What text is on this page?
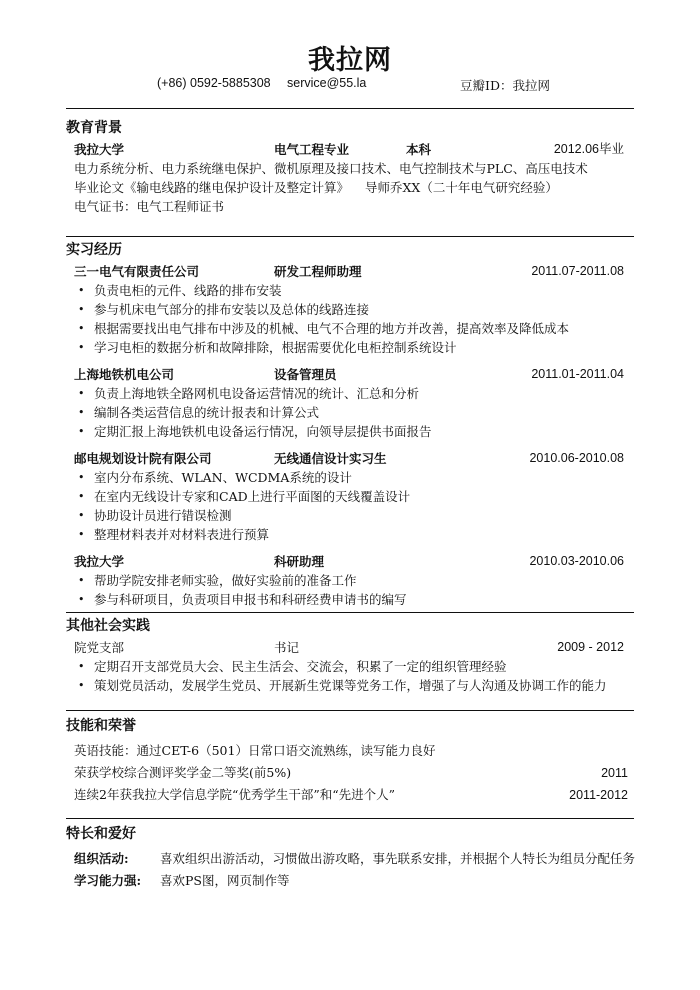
我拉网
(+86) 0592-5885308 service@55.la	豆瓣ID：我拉网
教育背景
我拉大学	电气工程专业	本科	2012.06毕业
电力系统分析、电力系统继电保护、微机原理及接口技术、电气控制技术与PLC、高压电技术
毕业论文《输电线路的继电保护设计及整定计算》 导师乔XX（二十年电气研究经验）
电气证书：电气工程师证书
实习经历
三一电气有限责任公司	研发工程师助理	2011.07-2011.08
• 负责电柜的元件、线路的排布安装
• 参与机床电气部分的排布安装以及总体的线路连接
• 根据需要找出电气排布中涉及的机械、电气不合理的地方并改善，提高效率及降低成本
• 学习电柜的数据分析和故障排除，根据需要优化电柜控制系统设计
上海地铁机电公司	设备管理员	2011.01-2011.04
• 负责上海地铁全路网机电设备运营情况的统计、汇总和分析
• 编制各类运营信息的统计报表和计算公式
• 定期汇报上海地铁机电设备运行情况，向领导层提供书面报告
邮电规划设计院有限公司	无线通信设计实习生	2010.06-2010.08
• 室内分布系统、WLAN、WCDMA系统的设计
• 在室内无线设计专家和CAD上进行平面图的天线覆盖设计
• 协助设计员进行错误检测
• 整理材料表并对材料表进行预算
我拉大学	科研助理	2010.03-2010.06
• 帮助学院安排老师实验，做好实验前的准备工作
• 参与科研项目，负责项目申报书和科研经费申请书的编写
其他社会实践
院党支部	书记	2009 - 2012
• 定期召开支部党员大会、民主生活会、交流会，积累了一定的组织管理经验
• 策划党员活动，发展学生党员、开展新生党课等党务工作，增强了与人沟通及协调工作的能力
技能和荣誉
英语技能：通过CET-6（501）日常口语交流熟练，读写能力良好
荣获学校综合测评奖学金二等奖(前5%)	2011
连续2年获我拉大学信息学院“优秀学生干部”和“先进个人”	2011-2012
特长和爱好
组织活动:	喜欢组织出游活动，习惯做出游攻略，事先联系安排，并根据个人特长为组员分配任务
学习能力强: 喜欢PS图，网页制作等
